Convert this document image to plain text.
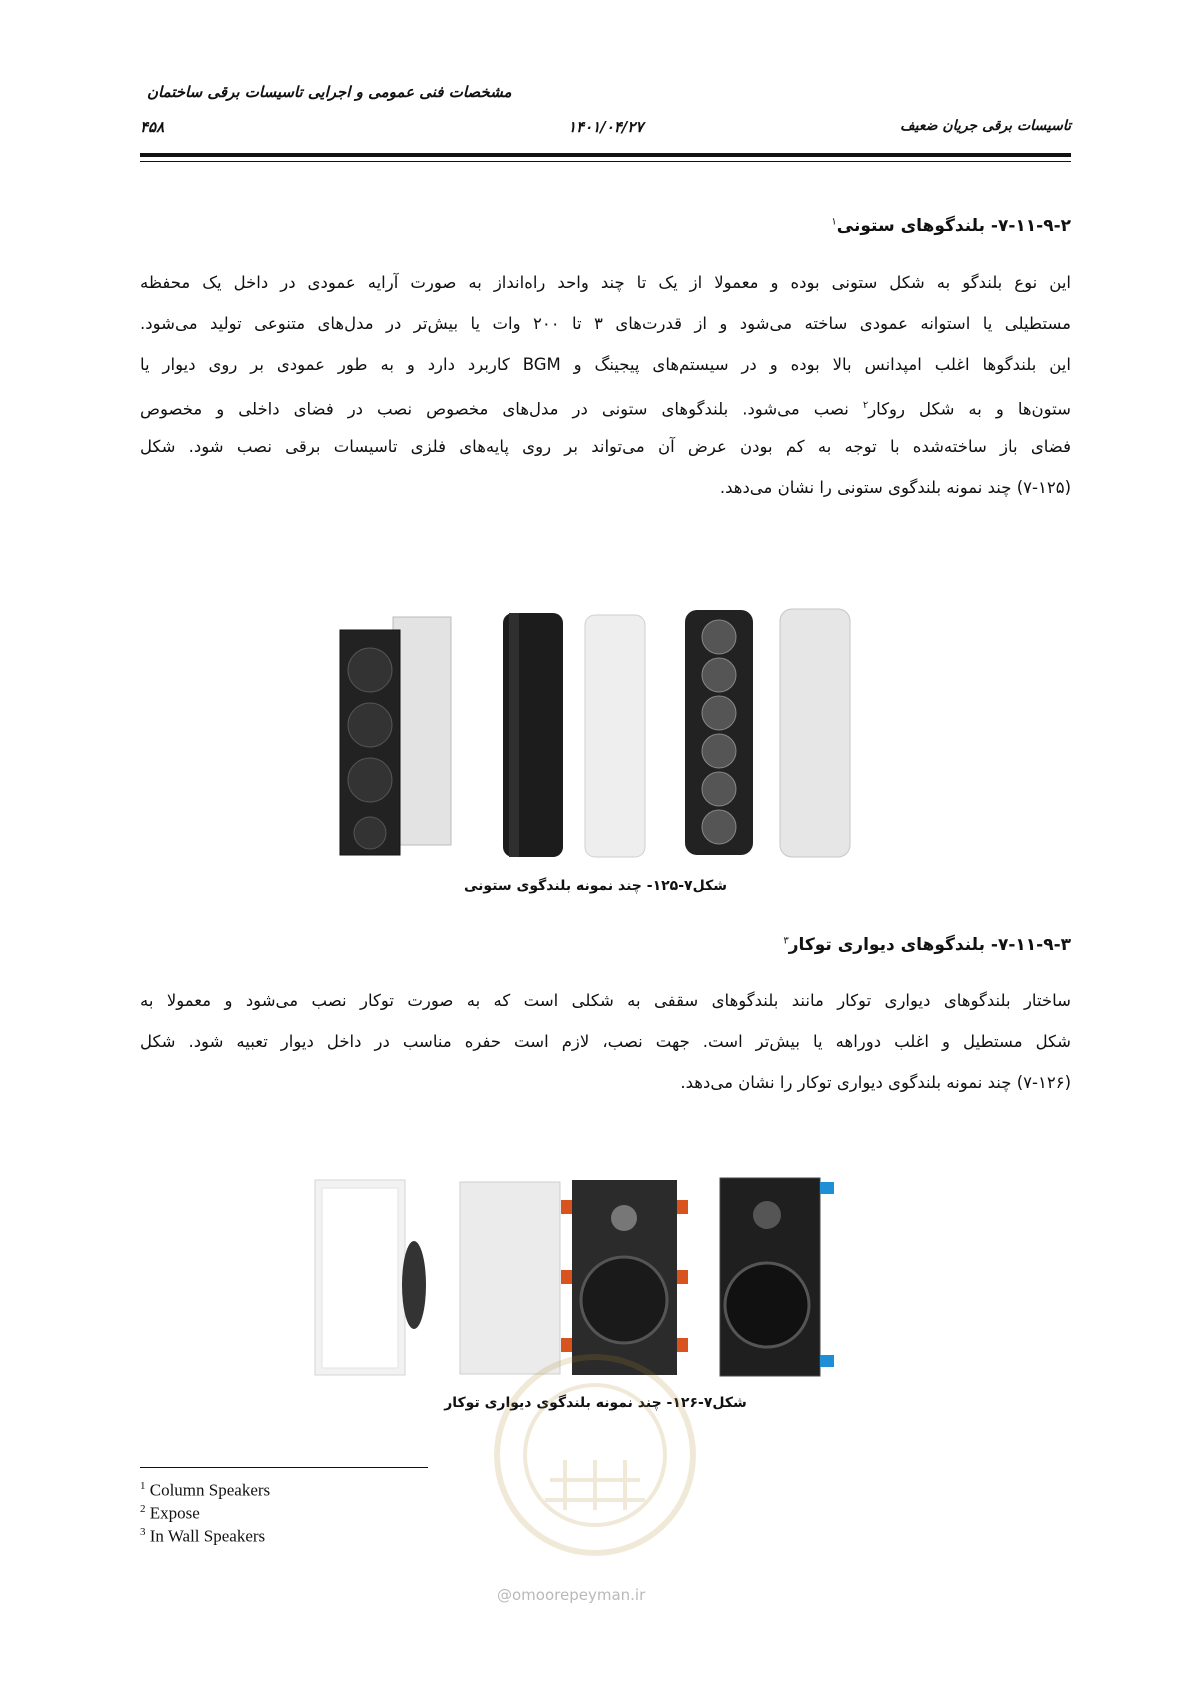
مشخصات فنی عمومی و اجرایی تاسیسات برقی ساختمان
۴۵۸	۱۴۰۱/۰۴/۲۷	تاسیسات برقی جریان ضعیف
۷-۱۱-۹-۲- بلندگوهای ستونی$^۱$
این نوع بلندگو به شکل ستونی بوده و معمولا از یک تا چند واحد راه‌انداز به صورت آرایه عمودی در داخل یک محفظه
مستطیلی یا استوانه عمودی ساخته می‌شود و از قدرت‌های ۳ تا ۲۰۰ وات یا بیش‌تر در مدل‌های متنوعی تولید می‌شود.
این بلندگوها اغلب امپدانس بالا بوده و در سیستم‌های پیجینگ و BGM کاربرد دارد و به طور عمودی بر روی دیوار یا
ستون‌ها و به شکل روکار$^۲$ نصب می‌شود. بلندگوهای ستونی در مدل‌های مخصوص نصب در فضای داخلی و مخصوص
فضای باز ساخته‌شده با توجه به کم بودن عرض آن می‌تواند بر روی پایه‌های فلزی تاسیسات برقی نصب شود. شکل
(۷-۱۲۵) چند نمونه بلندگوی ستونی را نشان می‌دهد.
شکل۷-۱۲۵- چند نمونه بلندگوی ستونی
۷-۱۱-۹-۳- بلندگوهای دیواری توکار$^۳$
ساختار بلندگوهای دیواری توکار مانند بلندگوهای سقفی به شکلی است که به صورت توکار نصب می‌شود و معمولا به
شکل مستطیل و اغلب دوراهه یا بیش‌تر است. جهت نصب، لازم است حفره مناسب در داخل دیوار تعبیه شود. شکل
(۷-۱۲۶) چند نمونه بلندگوی دیواری توکار را نشان می‌دهد.
شکل۷-۱۲۶- چند نمونه بلندگوی دیواری توکار
@omoorepeyman.ir
$^1$ Column Speakers
$^2$ Expose
$^3$ In Wall Speakers
